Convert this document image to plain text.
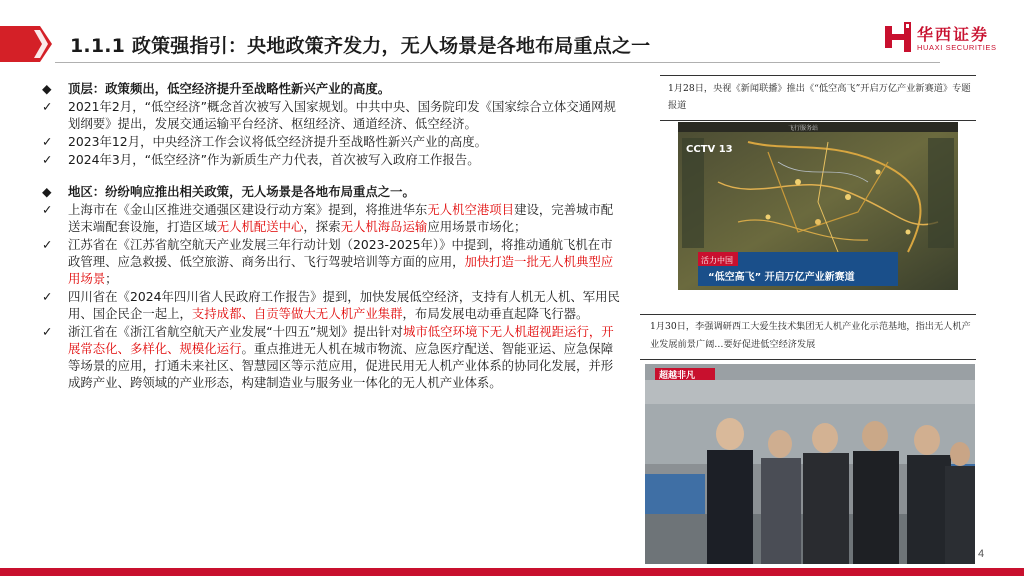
1.1.1 政策强指引：央地政策齐发力，无人场景是各地布局重点之一
华西证券
HUAXI SECURITIES
◆	顶层：政策频出，低空经济提升至战略性新兴产业的高度。
✓	2021年2月，“低空经济”概念首次被写入国家规划。中共中央、国务院印发《国家综合立体交通网规划纲要》提出，发展交通运输平台经济、枢纽经济、通道经济、低空经济。
✓	2023年12月，中央经济工作会议将低空经济提升至战略性新兴产业的高度。
✓	2024年3月，“低空经济”作为新质生产力代表，首次被写入政府工作报告。
◆	地区：纷纷响应推出相关政策，无人场景是各地布局重点之一。
✓	上海市在《金山区推进交通强区建设行动方案》提到，将推进华东无人机空港项目建设，完善城市配送末端配套设施，打造区域无人机配送中心，探索无人机海岛运输应用场景市场化；
✓	江苏省在《江苏省航空航天产业发展三年行动计划（2023-2025年）》中提到，将推动通航飞机在市政管理、应急救援、低空旅游、商务出行、飞行驾驶培训等方面的应用，加快打造一批无人机典型应用场景；
✓	四川省在《2024年四川省人民政府工作报告》提到，加快发展低空经济，支持有人机无人机、军用民用、国企民企一起上，支持成都、自贡等做大无人机产业集群，布局发展电动垂直起降飞行器。
✓	浙江省在《浙江省航空航天产业发展“十四五”规划》提出针对城市低空环境下无人机超视距运行，开展常态化、多样化、规模化运行。重点推进无人机在城市物流、应急医疗配送、智能亚运、应急保障等场景的应用，打通未来社区、智慧园区等示范应用，促进民用无人机产业体系的协同化发展，并形成跨产业、跨领域的产业形态，构建制造业与服务业一体化的无人机产业体系。
1月28日，央视《新闻联播》推出《“低空高飞”开启万亿产业新赛道》专题报道
飞行服务站
CCTV 13
活力中国
“低空高飞” 开启万亿产业新赛道
1月30日，李强调研西工大爱生技术集团无人机产业化示范基地，指出无人机产业发展前景广阔…要好促进低空经济发展
超越非凡
4
